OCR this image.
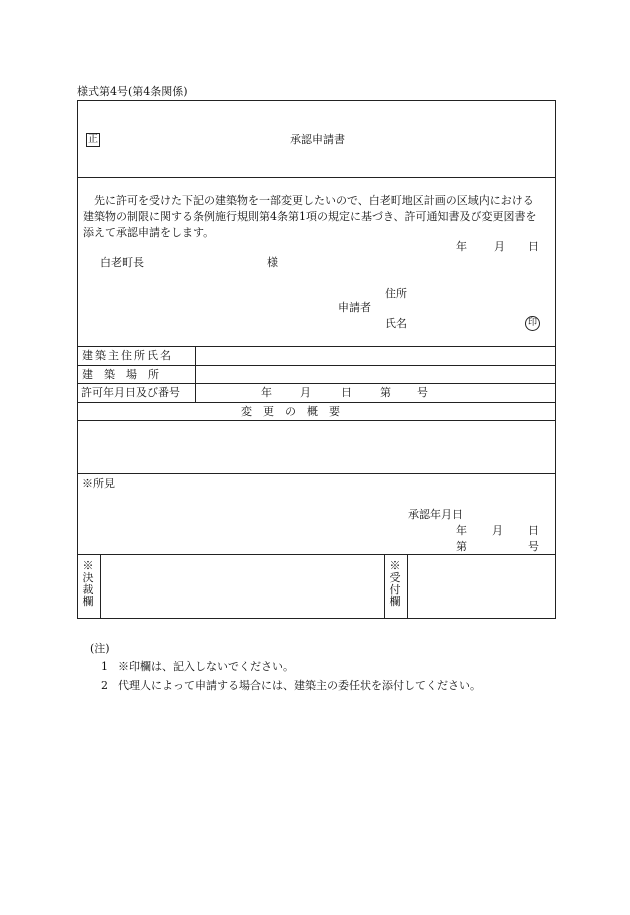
様式第4号(第4条関係)
正	承認申請書
　先に許可を受けた下記の建築物を一部変更したいので、白老町地区計画の区域内における建築物の制限に関する条例施行規則第4条第1項の規定に基づき、許可通知書及び変更図書を添えて承認申請をします。
年 月 日
白老町長	様
住所
申請者
氏名	印
建築主住所氏名
建　築　場　所
許可年月日及び番号	年	月	日	第 号
変　更　の　概　要
※所見
承認年月日
年 月 日
第	号
※決裁欄
※受付欄
(注)
1 ※印欄は、記入しないでください。
2 代理人によって申請する場合には、建築主の委任状を添付してください。
